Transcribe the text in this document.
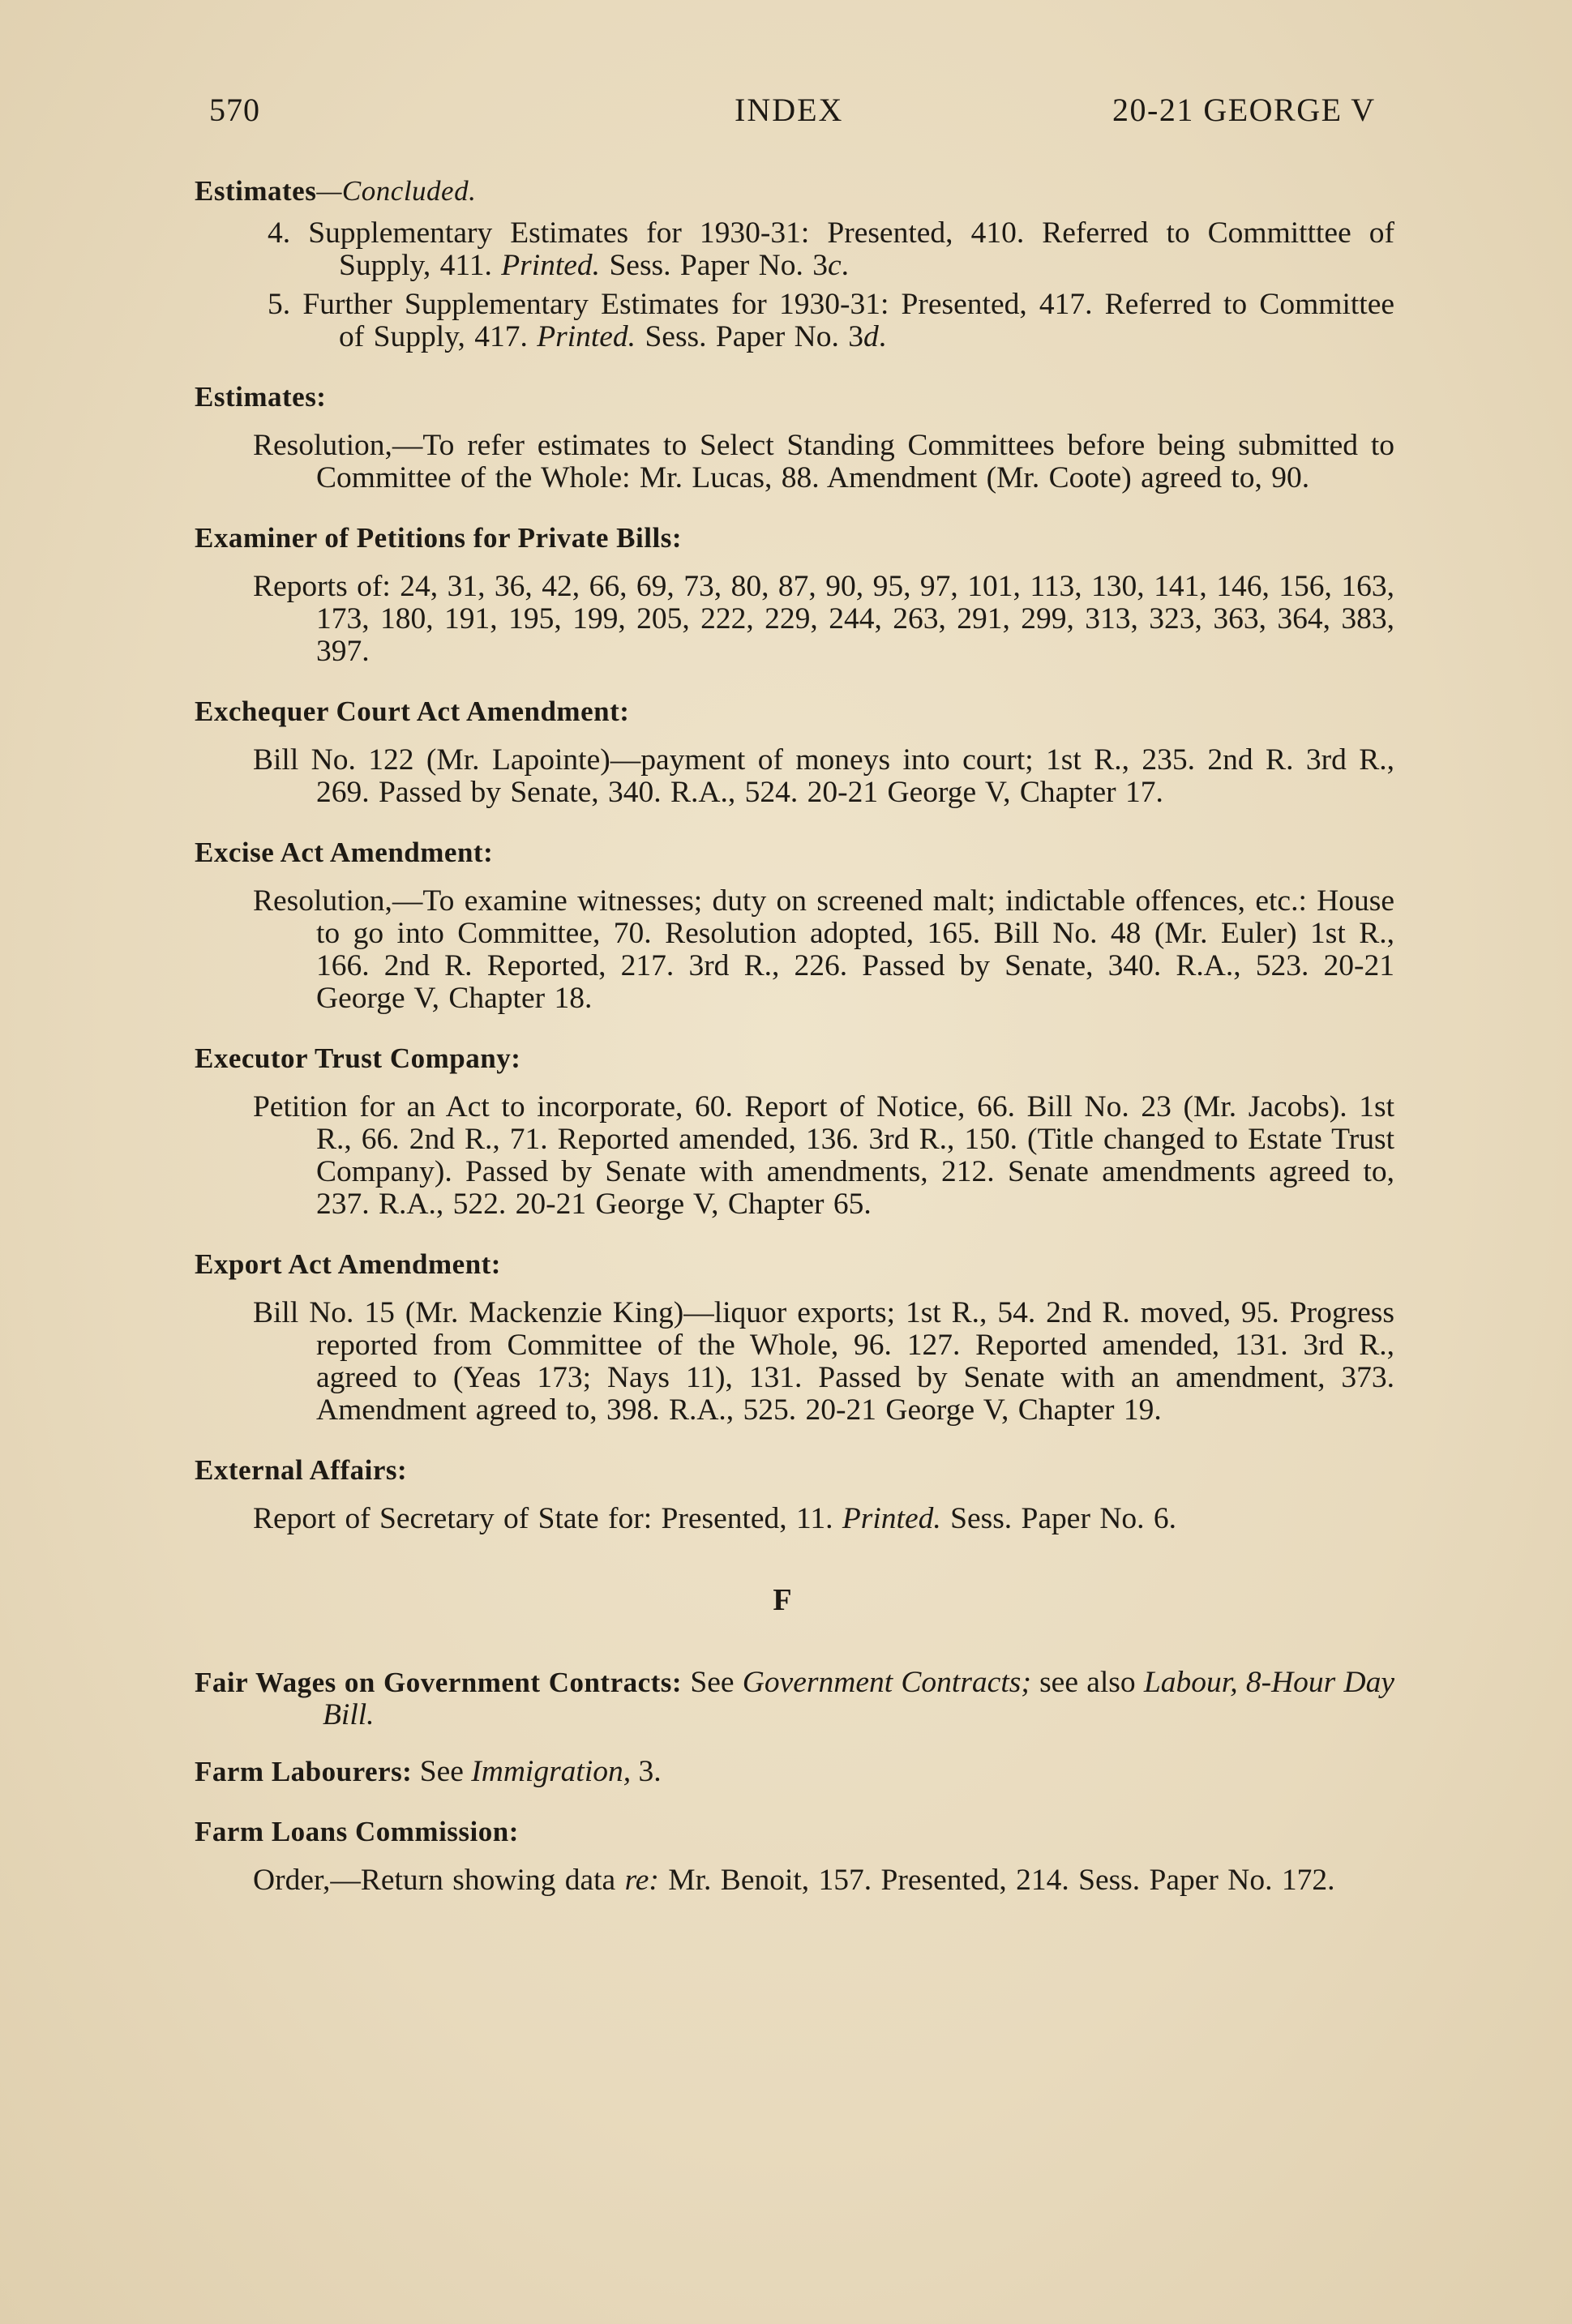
570	INDEX	20-21 GEORGE V
Estimates—Concluded.
4. Supplementary Estimates for 1930-31: Presented, 410. Referred to Committtee of Supply, 411. Printed. Sess. Paper No. 3c.
5. Further Supplementary Estimates for 1930-31: Presented, 417. Referred to Committee of Supply, 417. Printed. Sess. Paper No. 3d.
Estimates:
Resolution,—To refer estimates to Select Standing Committees before being submitted to Committee of the Whole: Mr. Lucas, 88. Amendment (Mr. Coote) agreed to, 90.
Examiner of Petitions for Private Bills:
Reports of: 24, 31, 36, 42, 66, 69, 73, 80, 87, 90, 95, 97, 101, 113, 130, 141, 146, 156, 163, 173, 180, 191, 195, 199, 205, 222, 229, 244, 263, 291, 299, 313, 323, 363, 364, 383, 397.
Exchequer Court Act Amendment:
Bill No. 122 (Mr. Lapointe)—payment of moneys into court; 1st R., 235. 2nd R. 3rd R., 269. Passed by Senate, 340. R.A., 524. 20-21 George V, Chapter 17.
Excise Act Amendment:
Resolution,—To examine witnesses; duty on screened malt; indictable offences, etc.: House to go into Committee, 70. Resolution adopted, 165. Bill No. 48 (Mr. Euler) 1st R., 166. 2nd R. Reported, 217. 3rd R., 226. Passed by Senate, 340. R.A., 523. 20-21 George V, Chapter 18.
Executor Trust Company:
Petition for an Act to incorporate, 60. Report of Notice, 66. Bill No. 23 (Mr. Jacobs). 1st R., 66. 2nd R., 71. Reported amended, 136. 3rd R., 150. (Title changed to Estate Trust Company). Passed by Senate with amendments, 212. Senate amendments agreed to, 237. R.A., 522. 20-21 George V, Chapter 65.
Export Act Amendment:
Bill No. 15 (Mr. Mackenzie King)—liquor exports; 1st R., 54. 2nd R. moved, 95. Progress reported from Committee of the Whole, 96. 127. Reported amended, 131. 3rd R., agreed to (Yeas 173; Nays 11), 131. Passed by Senate with an amendment, 373. Amendment agreed to, 398. R.A., 525. 20-21 George V, Chapter 19.
External Affairs:
Report of Secretary of State for: Presented, 11. Printed. Sess. Paper No. 6.
F
Fair Wages on Government Contracts: See Government Contracts; see also Labour, 8-Hour Day Bill.
Farm Labourers: See Immigration, 3.
Farm Loans Commission:
Order,—Return showing data re: Mr. Benoit, 157. Presented, 214. Sess. Paper No. 172.
